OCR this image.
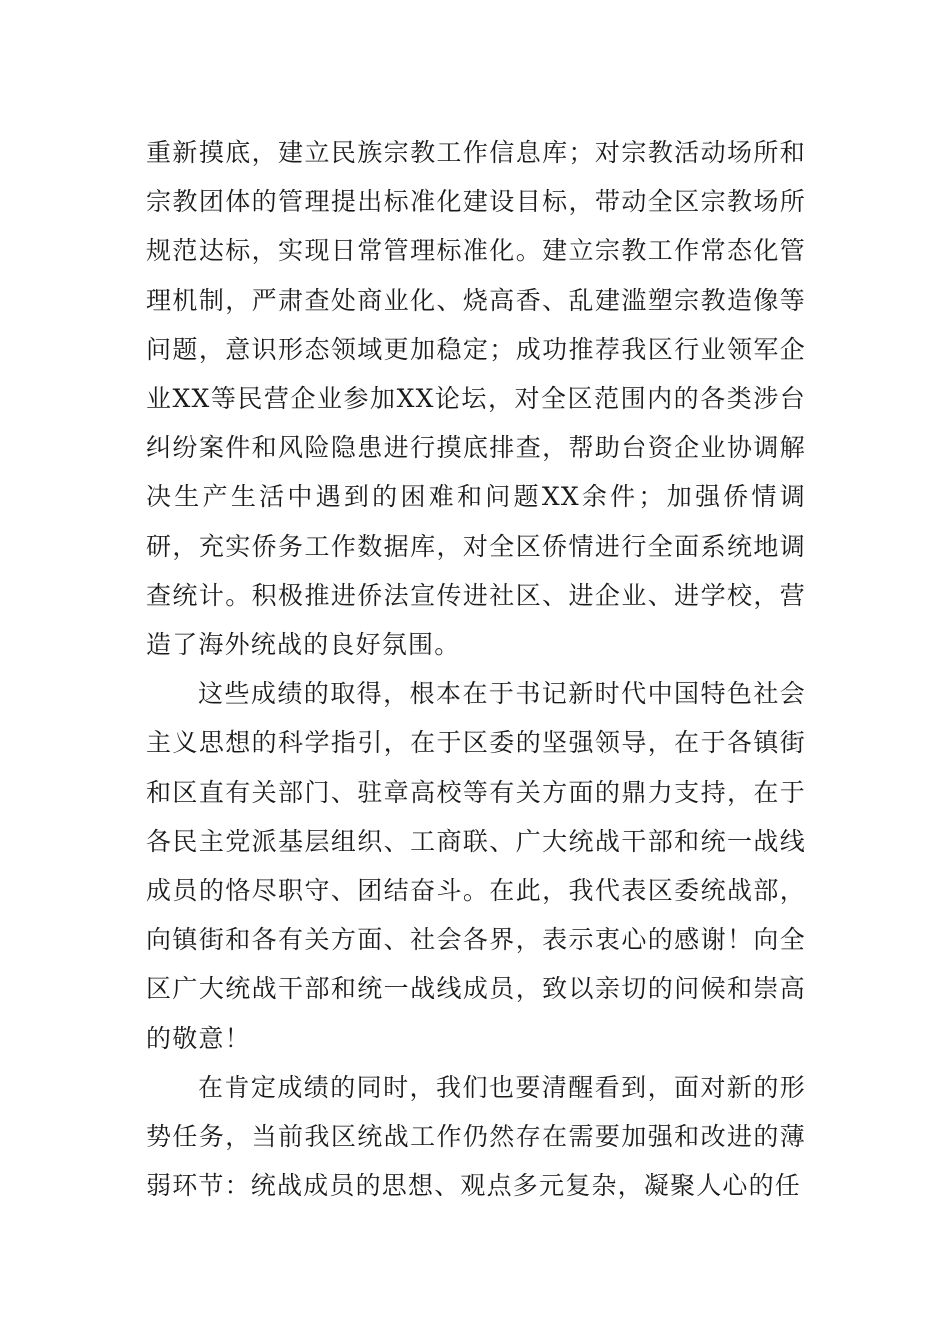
重新摸底，建立民族宗教工作信息库；对宗教活动场所和宗教团体的管理提出标准化建设目标，带动全区宗教场所规范达标，实现日常管理标准化。建立宗教工作常态化管理机制，严肃查处商业化、烧高香、乱建滥塑宗教造像等问题，意识形态领域更加稳定；成功推荐我区行业领军企业XX等民营企业参加XX论坛，对全区范围内的各类涉台纠纷案件和风险隐患进行摸底排查，帮助台资企业协调解决生产生活中遇到的困难和问题XX余件；加强侨情调研，充实侨务工作数据库，对全区侨情进行全面系统地调查统计。积极推进侨法宣传进社区、进企业、进学校，营造了海外统战的良好氛围。

这些成绩的取得，根本在于书记新时代中国特色社会主义思想的科学指引，在于区委的坚强领导，在于各镇街和区直有关部门、驻章高校等有关方面的鼎力支持，在于各民主党派基层组织、工商联、广大统战干部和统一战线成员的恪尽职守、团结奋斗。在此，我代表区委统战部，向镇街和各有关方面、社会各界，表示衷心的感谢！向全区广大统战干部和统一战线成员，致以亲切的问候和崇高的敬意！

在肯定成绩的同时，我们也要清醒看到，面对新的形势任务，当前我区统战工作仍然存在需要加强和改进的薄弱环节：统战成员的思想、观点多元复杂，凝聚人心的任
